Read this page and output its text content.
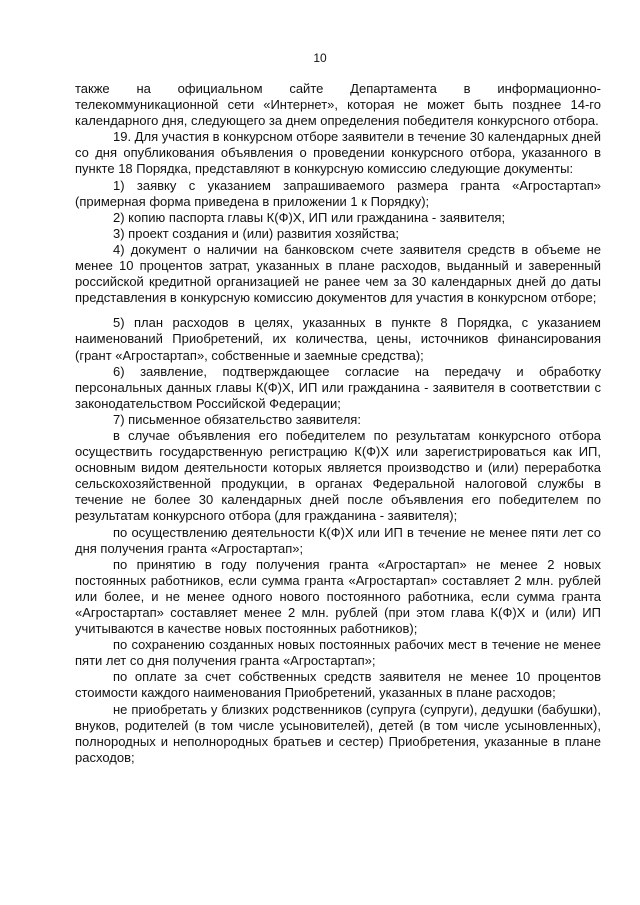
10

также на официальном сайте Департамента в информационно-телекоммуникационной сети «Интернет», которая не может быть позднее 14-го календарного дня, следующего за днем определения победителя конкурсного отбора.

19. Для участия в конкурсном отборе заявители в течение 30 календарных дней со дня опубликования объявления о проведении конкурсного отбора, указанного в пункте 18 Порядка, представляют в конкурсную комиссию следующие документы:

1) заявку с указанием запрашиваемого размера гранта «Агростартап» (примерная форма приведена в приложении 1 к Порядку);

2) копию паспорта главы К(Ф)Х, ИП или гражданина - заявителя;

3) проект создания и (или) развития хозяйства;

4) документ о наличии на банковском счете заявителя средств в объеме не менее 10 процентов затрат, указанных в плане расходов, выданный и заверенный российской кредитной организацией не ранее чем за 30 календарных дней до даты представления в конкурсную комиссию документов для участия в конкурсном отборе;

5) план расходов в целях, указанных в пункте 8 Порядка, с указанием наименований Приобретений, их количества, цены, источников финансирования (грант «Агростартап», собственные и заемные средства);

6) заявление, подтверждающее согласие на передачу и обработку персональных данных главы К(Ф)Х, ИП или гражданина - заявителя в соответствии с законодательством Российской Федерации;

7) письменное обязательство заявителя:

в случае объявления его победителем по результатам конкурсного отбора осуществить государственную регистрацию К(Ф)Х или зарегистрироваться как ИП, основным видом деятельности которых является производство и (или) переработка сельскохозяйственной продукции, в органах Федеральной налоговой службы в течение не более 30 календарных дней после объявления его победителем по результатам конкурсного отбора (для гражданина - заявителя);

по осуществлению деятельности К(Ф)Х или ИП в течение не менее пяти лет со дня получения гранта «Агростартап»;

по принятию в году получения гранта «Агростартап» не менее 2 новых постоянных работников, если сумма гранта «Агростартап» составляет 2 млн. рублей или более, и не менее одного нового постоянного работника, если сумма гранта «Агростартап» составляет менее 2 млн. рублей (при этом глава К(Ф)Х и (или) ИП учитываются в качестве новых постоянных работников);

по сохранению созданных новых постоянных рабочих мест в течение не менее пяти лет со дня получения гранта «Агростартап»;

по оплате за счет собственных средств заявителя не менее 10 процентов стоимости каждого наименования Приобретений, указанных в плане расходов;

не приобретать у близких родственников (супруга (супруги), дедушки (бабушки), внуков, родителей (в том числе усыновителей), детей (в том числе усыновленных), полнородных и неполнородных братьев и сестер) Приобретения, указанные в плане расходов;
